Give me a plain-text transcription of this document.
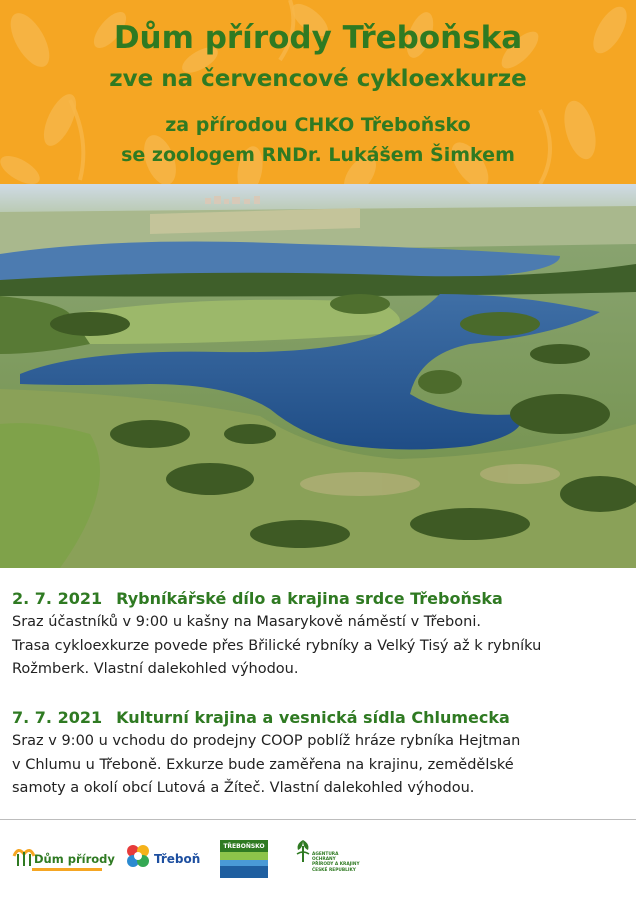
Dům přírody Třeboňska
zve na červencové cykloexkurze
za přírodou CHKO Třeboňsko
se zoologem RNDr. Lukášem Šimkem
2. 7. 2021 Rybníkářské dílo a krajina srdce Třeboňska
Sraz účastníků v 9:00 u kašny na Masarykově náměstí v Třeboni.
Trasa cykloexkurze povede přes Břilické rybníky a Velký Tisý až k rybníku
Rožmberk. Vlastní dalekohled výhodou.
7. 7. 2021 Kulturní krajina a vesnická sídla Chlumecka
Sraz v 9:00 u vchodu do prodejny COOP poblíž hráze rybníka Hejtman
v Chlumu u Třeboně. Exkurze bude zaměřena na krajinu, zemědělské
samoty a okolí obcí Lutová a Žíteč. Vlastní dalekohled výhodou.
Dům přírody	Třeboň
TŘEBOŇSKO
AGENTURA OCHRANY
PŘÍRODY A KRAJINY
ČESKÉ REPUBLIKY
